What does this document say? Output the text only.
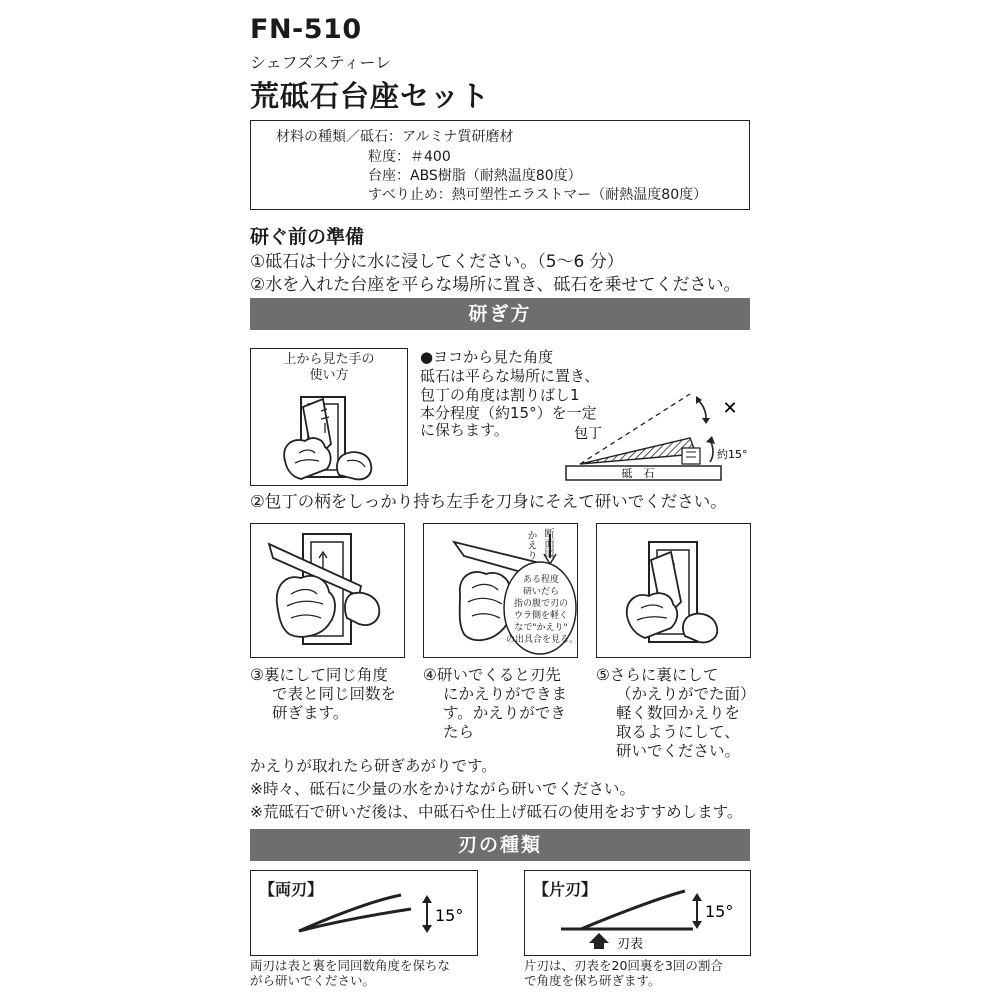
FN-510
シェフズスティーレ
荒砥石台座セット
材料の種類／砥石：アルミナ質研磨材
粒度：＃400
台座：ABS樹脂（耐熱温度80度）
すべり止め：熱可塑性エラストマー（耐熱温度80度）
研ぐ前の準備
①砥石は十分に水に浸してください。（5～6 分）
②水を入れた台座を平らな場所に置き、砥石を乗せてください。
研ぎ方
上から見た手の
使い方
●ヨコから見た角度
砥石は平らな場所に置き、
包丁の角度は割りばし1
本分程度（約15°）を一定
に保ちます。
砥　石
✕
約15°
包丁
②包丁の柄をしっかり持ち左手を刀身にそえて研いでください。
断面図
かえり
ある程度
研いだら
指の腹で刃の
ウラ側を軽く
なで"かえり"
の出具合を見る。
③裏にして同じ角度
で表と同じ回数を
研ぎます。
④研いでくると刃先
にかえりができま
す。かえりができ
たら
⑤さらに裏にして
（かえりがでた面）
軽く数回かえりを
取るようにして、
研いでください。
かえりが取れたら研ぎあがりです。
※時々、砥石に少量の水をかけながら研いでください。
※荒砥石で研いだ後は、中砥石や仕上げ砥石の使用をおすすめします。
刃の種類
【両刃】
15°
両刃は表と裏を同回数角度を保ちな
がら研いでください。
【片刃】
15°
刃表
片刃は、刃表を20回裏を3回の割合
で角度を保ち研ぎます。
